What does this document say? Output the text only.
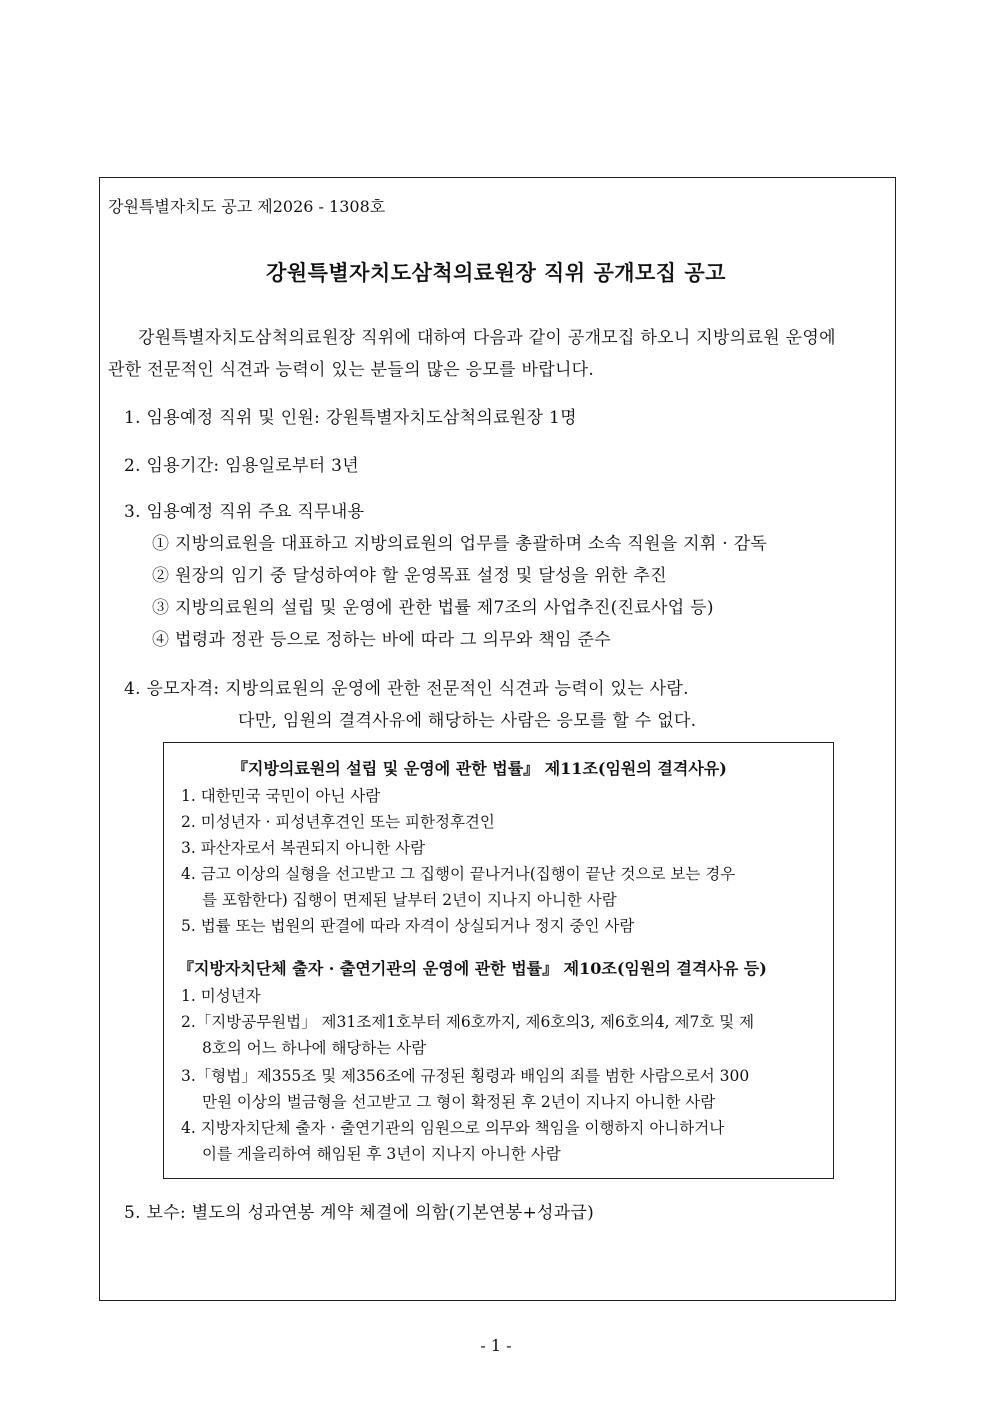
강원특별자치도 공고 제2026 - 1308호
강원특별자치도삼척의료원장 직위 공개모집 공고
강원특별자치도삼척의료원장 직위에 대하여 다음과 같이 공개모집 하오니 지방의료원 운영에
관한 전문적인 식견과 능력이 있는 분들의 많은 응모를 바랍니다.
1. 임용예정 직위 및 인원: 강원특별자치도삼척의료원장 1명
2. 임용기간: 임용일로부터 3년
3. 임용예정 직위 주요 직무내용
① 지방의료원을 대표하고 지방의료원의 업무를 총괄하며 소속 직원을 지휘 · 감독
② 원장의 임기 중 달성하여야 할 운영목표 설정 및 달성을 위한 추진
③ 지방의료원의 설립 및 운영에 관한 법률 제7조의 사업추진(진료사업 등)
④ 법령과 정관 등으로 정하는 바에 따라 그 의무와 책임 준수
4. 응모자격: 지방의료원의 운영에 관한 전문적인 식견과 능력이 있는 사람.
다만, 임원의 결격사유에 해당하는 사람은 응모를 할 수 없다.
『지방의료원의 설립 및 운영에 관한 법률』 제11조(임원의 결격사유)
1. 대한민국 국민이 아닌 사람
2. 미성년자 · 피성년후견인 또는 피한정후견인
3. 파산자로서 복권되지 아니한 사람
4. 금고 이상의 실형을 선고받고 그 집행이 끝나거나(집행이 끝난 것으로 보는 경우
를 포함한다) 집행이 면제된 날부터 2년이 지나지 아니한 사람
5. 법률 또는 법원의 판결에 따라 자격이 상실되거나 정지 중인 사람
『지방자치단체 출자 · 출연기관의 운영에 관한 법률』 제10조(임원의 결격사유 등)
1. 미성년자
2.「지방공무원법」 제31조제1호부터 제6호까지, 제6호의3, 제6호의4, 제7호 및 제
8호의 어느 하나에 해당하는 사람
3.「형법」제355조 및 제356조에 규정된 횡령과 배임의 죄를 범한 사람으로서 300
만원 이상의 벌금형을 선고받고 그 형이 확정된 후 2년이 지나지 아니한 사람
4. 지방자치단체 출자 · 출연기관의 임원으로 의무와 책임을 이행하지 아니하거나
이를 게을리하여 해임된 후 3년이 지나지 아니한 사람
5. 보수: 별도의 성과연봉 계약 체결에 의함(기본연봉+성과급)
- 1 -
